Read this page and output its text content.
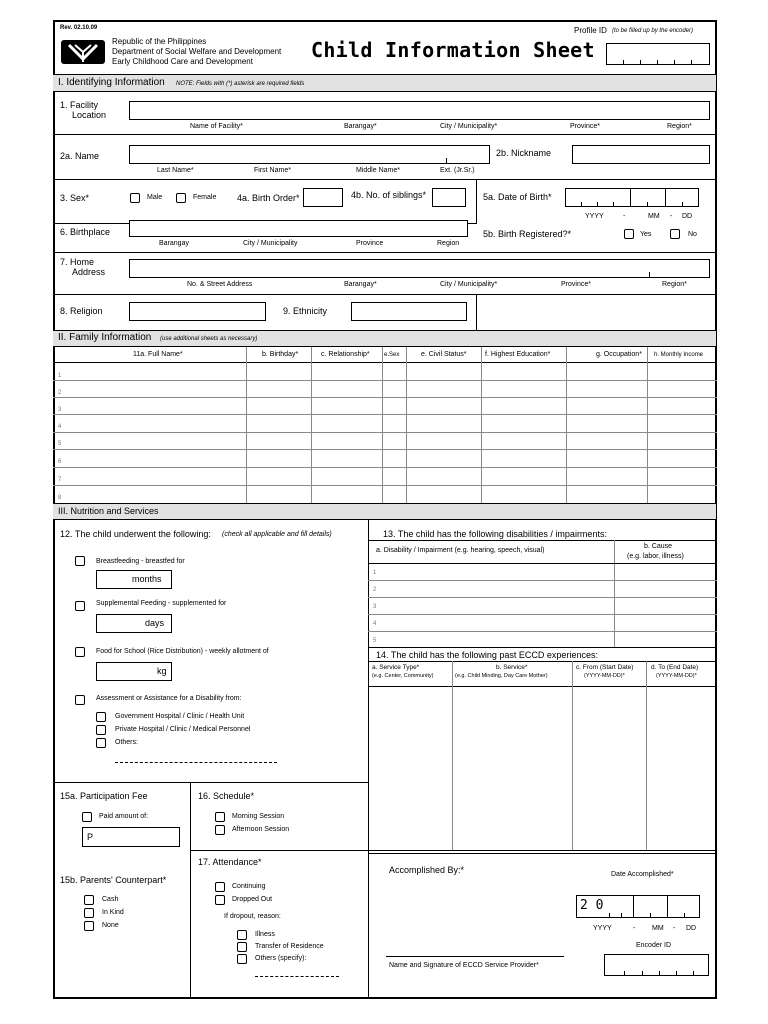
Rev. 02.10.09
Republic of the Philippines
Department of Social Welfare and Development
Early Childhood Care and Development	Child Information Sheet
Profile ID (to be filled up by the encoder)
I. Identifying Information NOTE: Fields with (*) asterisk are required fields
1. Facility
Location
Name of Facility*	Barangay*	City / Municipality*	Province*	Region*
2a. Name
Last Name*	First Name*	Middle Name*	Ext. (Jr.Sr.)
2b. Nickname
3. Sex*	Male	Female 4a. Birth Order*	4b. No. of siblings*	5a. Date of Birth*
YYYY	-	MM - DD
6. Birthplace
Barangay	City / Municipality	Province	Region
5b. Birth Registered?*	Yes	No
7. Home
Address
No. & Street Address	Barangay*	City / Municipality*	Province*	Region*
8. Religion	9. Ethnicity
II. Family Information (use additional sheets as necessary)
11a. Full Name*	b. Birthday*	c. Relationship* e.Sex	e. Civil Status*	f. Highest Education*	g. Occupation* h. Monthly Income
1
2
3
4
5
6
7
8
III. Nutrition and Services
12. The child underwent the following: (check all applicable and fill details)
Breastfeeding - breastfed for
months
Supplemental Feeding - supplemented for
days
Food for School (Rice Distribution) - weekly allotment of
kg
Assessment or Assistance for a Disability from:
Government Hospital / Clinic / Health Unit
Private Hospital / Clinic / Medical Personnel
Others:
13. The child has the following disabilities / impairments:
a. Disability / Impairment (e.g. hearing, speech, visual)
b. Cause
(e.g. labor, illness)
1
2
3
4
5
14. The child has the following past ECCD experiences:
a. Service Type*
(e.g. Center, Community)
b. Service*
(e.g. Child Minding, Day Care Mother)
c. From (Start Date)
(YYYY-MM-DD)*
d. To (End Date)
(YYYY-MM-DD)*
15a. Participation Fee
Paid amount of:
P
16. Schedule*
Morning Session
Afternoon Session
15b. Parents' Counterpart*
Cash
In Kind
None
17. Attendance*
Continuing
Dropped Out
If dropout, reason:
Illness
Transfer of Residence
Others (specify):
Accomplished By:*	Date Accomplished*
2 0
YYYY	- MM - DD
Encoder ID
Name and Signature of ECCD Service Provider*
